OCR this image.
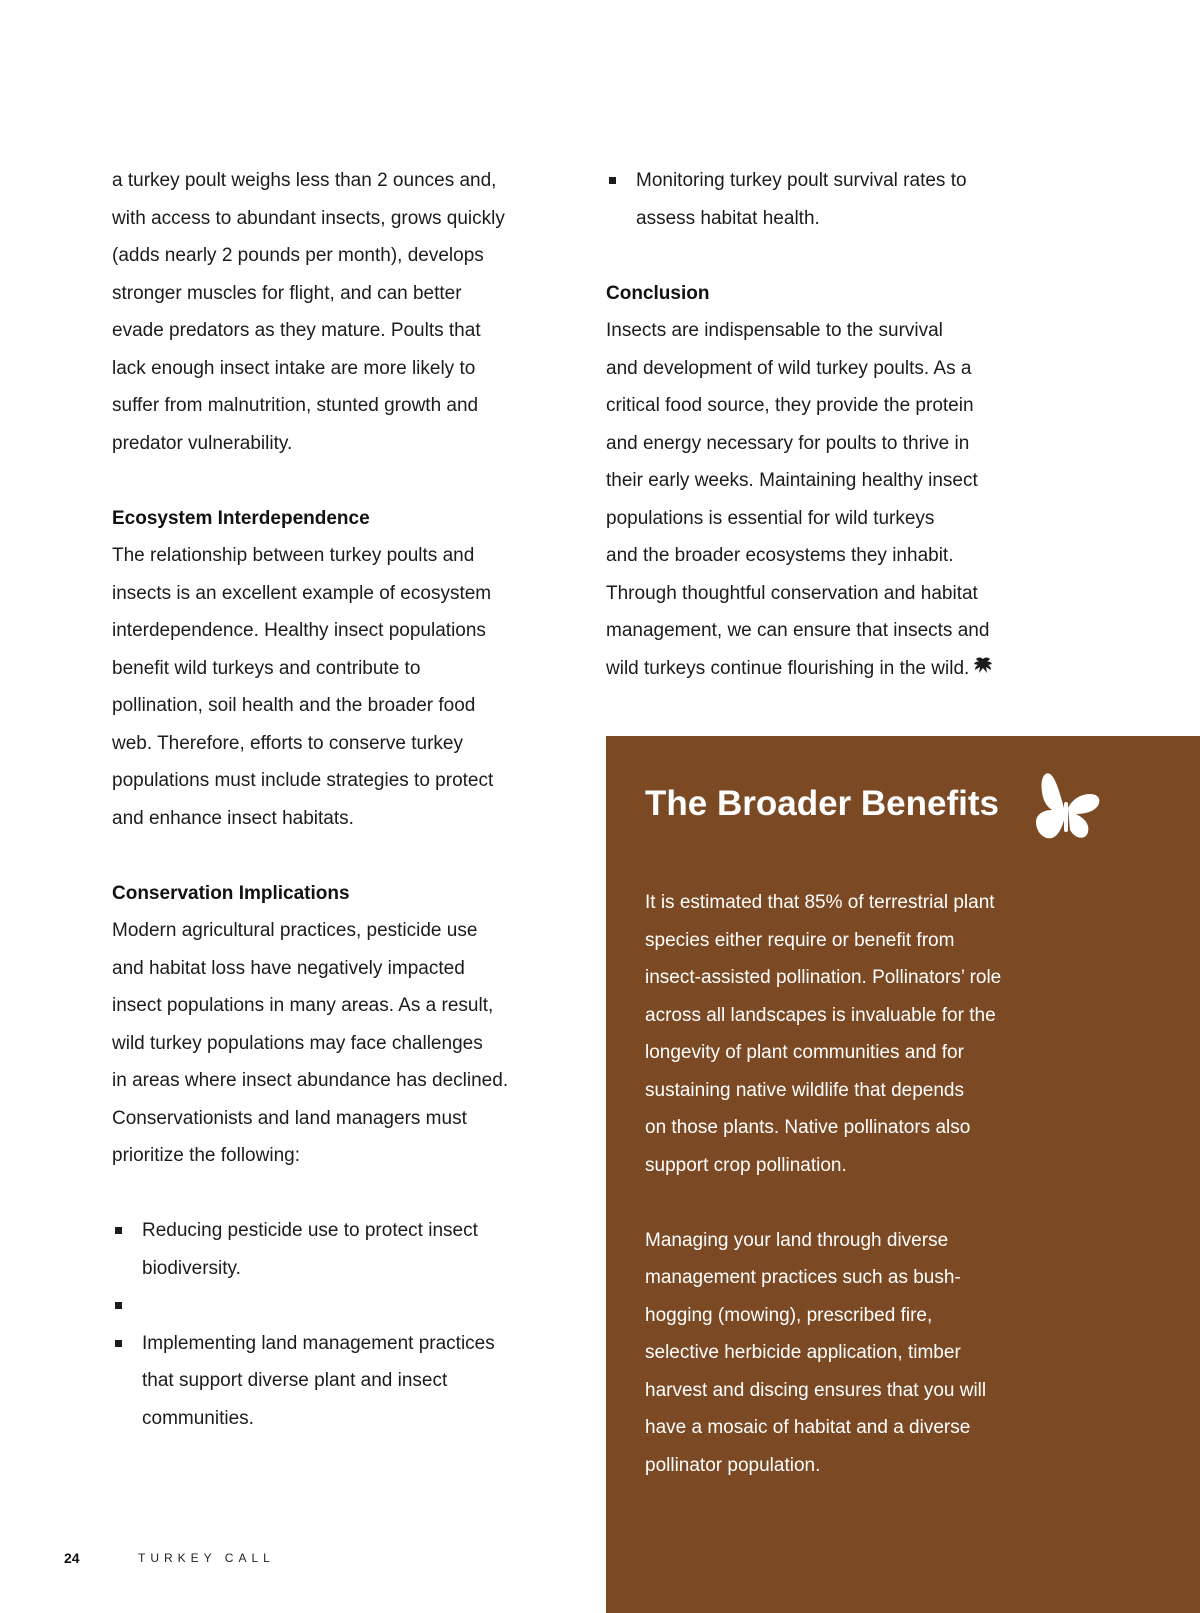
a turkey poult weighs less than 2 ounces and,
with access to abundant insects, grows quickly
(adds nearly 2 pounds per month), develops
stronger muscles for flight, and can better
evade predators as they mature. Poults that
lack enough insect intake are more likely to
suffer from malnutrition, stunted growth and
predator vulnerability.
Ecosystem Interdependence
The relationship between turkey poults and
insects is an excellent example of ecosystem
interdependence. Healthy insect populations
benefit wild turkeys and contribute to
pollination, soil health and the broader food
web. Therefore, efforts to conserve turkey
populations must include strategies to protect
and enhance insect habitats.
Conservation Implications
Modern agricultural practices, pesticide use
and habitat loss have negatively impacted
insect populations in many areas. As a result,
wild turkey populations may face challenges
in areas where insect abundance has declined.
Conservationists and land managers must
prioritize the following:
Reducing pesticide use to protect insect
biodiversity.
Implementing land management practices
that support diverse plant and insect
communities.
Monitoring turkey poult survival rates to
assess habitat health.
Conclusion
Insects are indispensable to the survival
and development of wild turkey poults. As a
critical food source, they provide the protein
and energy necessary for poults to thrive in
their early weeks. Maintaining healthy insect
populations is essential for wild turkeys
and the broader ecosystems they inhabit.
Through thoughtful conservation and habitat
management, we can ensure that insects and
wild turkeys continue flourishing in the wild.
The Broader Benefits
It is estimated that 85% of terrestrial plant
species either require or benefit from
insect-assisted pollination. Pollinators’ role
across all landscapes is invaluable for the
longevity of plant communities and for
sustaining native wildlife that depends
on those plants. Native pollinators also
support crop pollination.
Managing your land through diverse
management practices such as bush-
hogging (mowing), prescribed fire,
selective herbicide application, timber
harvest and discing ensures that you will
have a mosaic of habitat and a diverse
pollinator population.
24	TURKEY CALL
